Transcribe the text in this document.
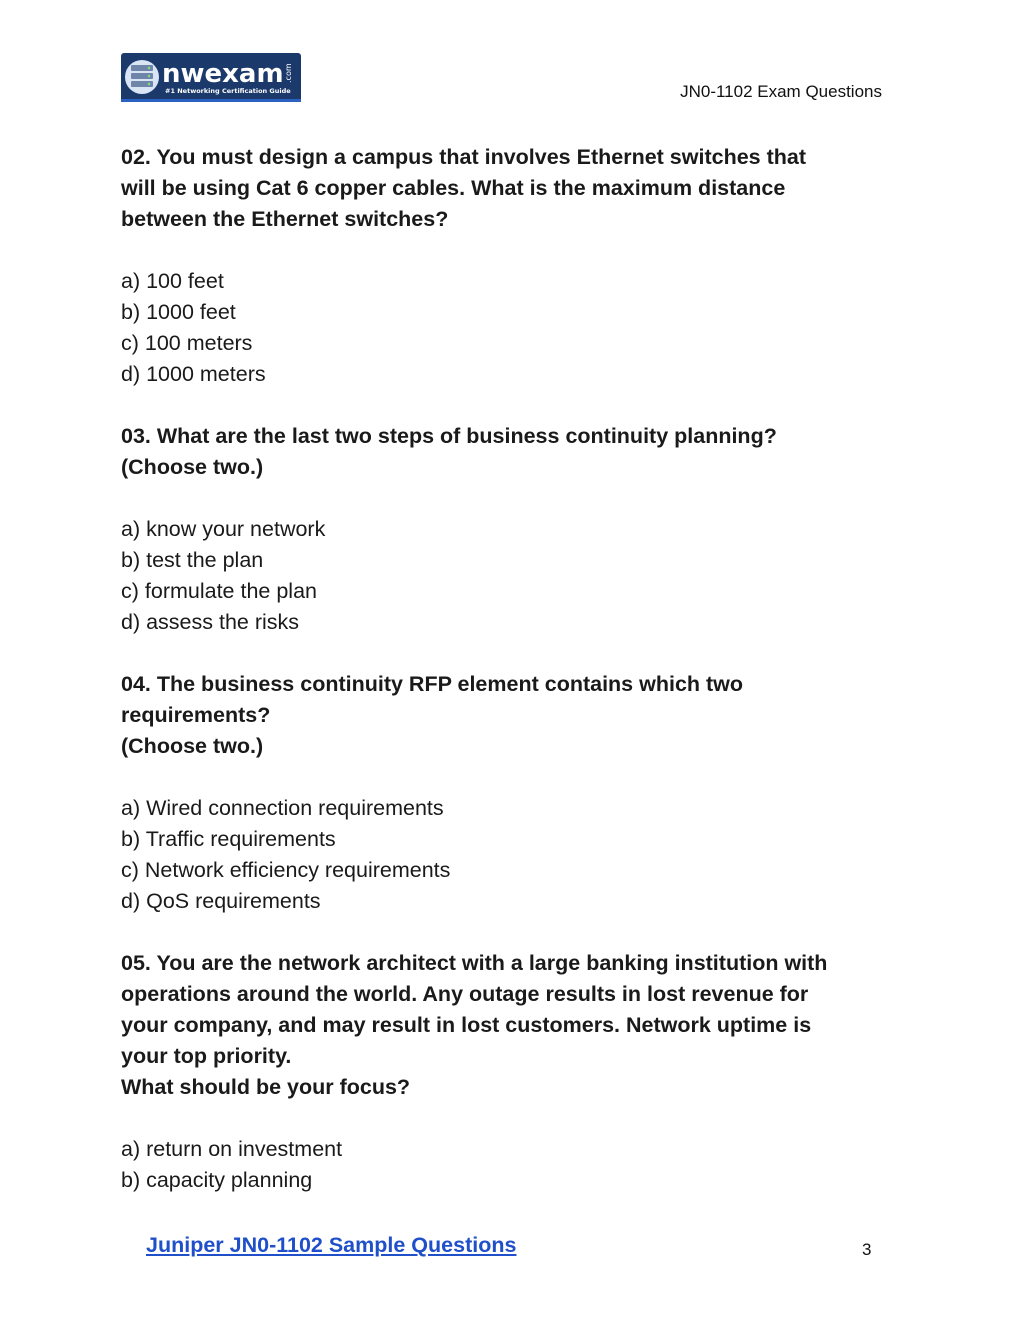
nwexam .com
#1 Networking Certification Guide	JN0-1102 Exam Questions

02. You must design a campus that involves Ethernet switches that
will be using Cat 6 copper cables. What is the maximum distance
between the Ethernet switches?

a) 100 feet
b) 1000 feet
c) 100 meters
d) 1000 meters

03. What are the last two steps of business continuity planning?
(Choose two.)

a) know your network
b) test the plan
c) formulate the plan
d) assess the risks

04. The business continuity RFP element contains which two
requirements?
(Choose two.)

a) Wired connection requirements
b) Traffic requirements
c) Network efficiency requirements
d) QoS requirements

05. You are the network architect with a large banking institution with
operations around the world. Any outage results in lost revenue for
your company, and may result in lost customers. Network uptime is
your top priority.
What should be your focus?

a) return on investment
b) capacity planning
Juniper JN0-1102 Sample Questions	3
